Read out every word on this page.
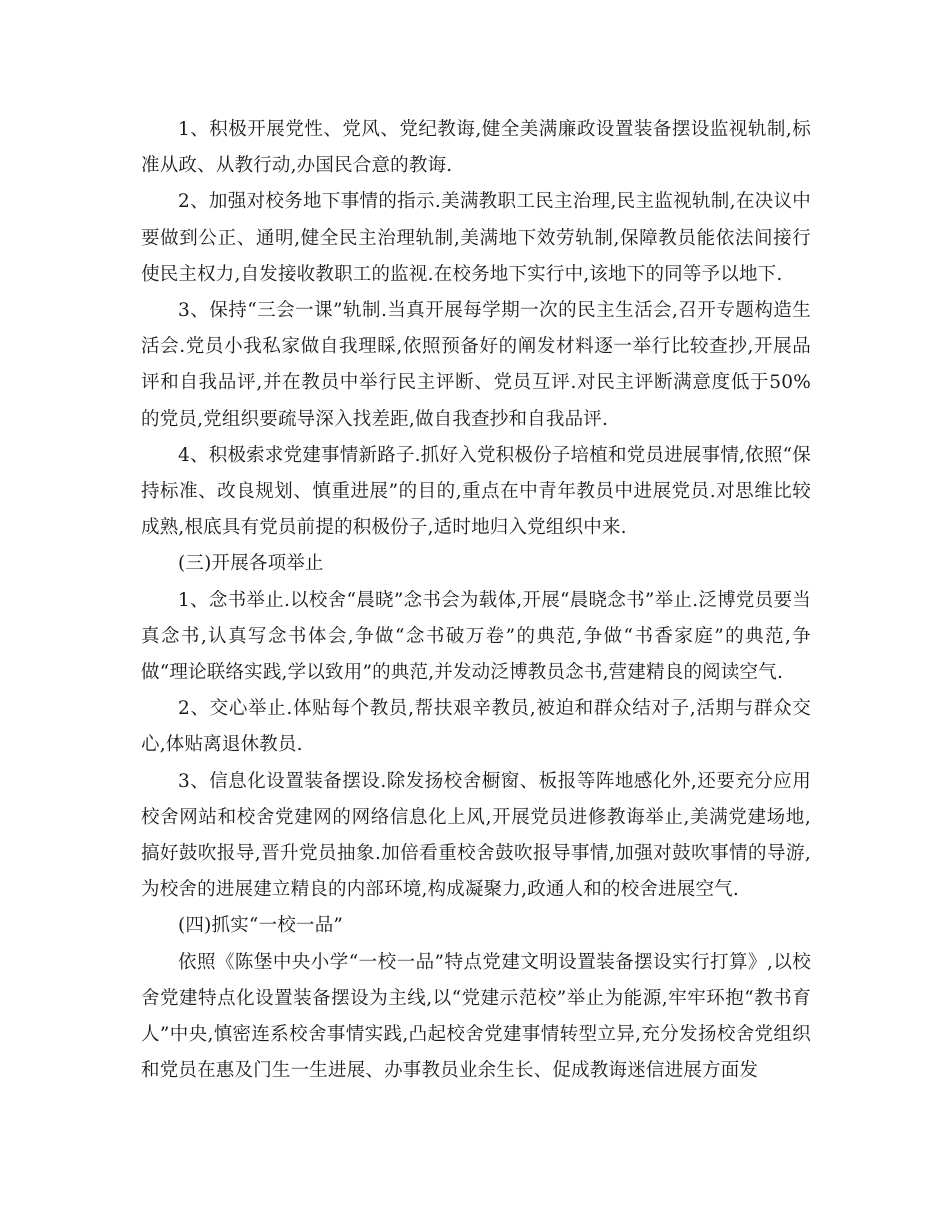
1、积极开展党性、党风、党纪教诲,健全美满廉政设置装备摆设监视轨制,标准从政、从教行动,办国民合意的教诲.

2、加强对校务地下事情的指示.美满教职工民主治理,民主监视轨制,在决议中要做到公正、通明,健全民主治理轨制,美满地下效劳轨制,保障教员能依法间接行使民主权力,自发接收教职工的监视.在校务地下实行中,该地下的同等予以地下.

3、保持“三会一课”轨制.当真开展每学期一次的民主生活会,召开专题构造生活会.党员小我私家做自我理睬,依照预备好的阐发材料逐一举行比较查抄,开展品评和自我品评,并在教员中举行民主评断、党员互评.对民主评断满意度低于50%的党员,党组织要疏导深入找差距,做自我查抄和自我品评.

4、积极索求党建事情新路子.抓好入党积极份子培植和党员进展事情,依照“保持标准、改良规划、慎重进展”的目的,重点在中青年教员中进展党员.对思维比较成熟,根底具有党员前提的积极份子,适时地归入党组织中来.

(三)开展各项举止

1、念书举止.以校舍“晨晓”念书会为载体,开展“晨晓念书”举止.泛博党员要当真念书,认真写念书体会,争做“念书破万卷”的典范,争做“书香家庭”的典范,争做“理论联络实践,学以致用”的典范,并发动泛博教员念书,营建精良的阅读空气.

2、交心举止.体贴每个教员,帮扶艰辛教员,被迫和群众结对子,活期与群众交心,体贴离退休教员.

3、信息化设置装备摆设.除发扬校舍橱窗、板报等阵地感化外,还要充分应用校舍网站和校舍党建网的网络信息化上风,开展党员进修教诲举止,美满党建场地,搞好鼓吹报导,晋升党员抽象.加倍看重校舍鼓吹报导事情,加强对鼓吹事情的导游,为校舍的进展建立精良的内部环境,构成凝聚力,政通人和的校舍进展空气.

(四)抓实“一校一品”

依照《陈堡中央小学“一校一品”特点党建文明设置装备摆设实行打算》,以校舍党建特点化设置装备摆设为主线,以“党建示范校”举止为能源,牢牢环抱“教书育人”中央,慎密连系校舍事情实践,凸起校舍党建事情转型立异,充分发扬校舍党组织和党员在惠及门生一生进展、办事教员业余生长、促成教诲迷信进展方面发
